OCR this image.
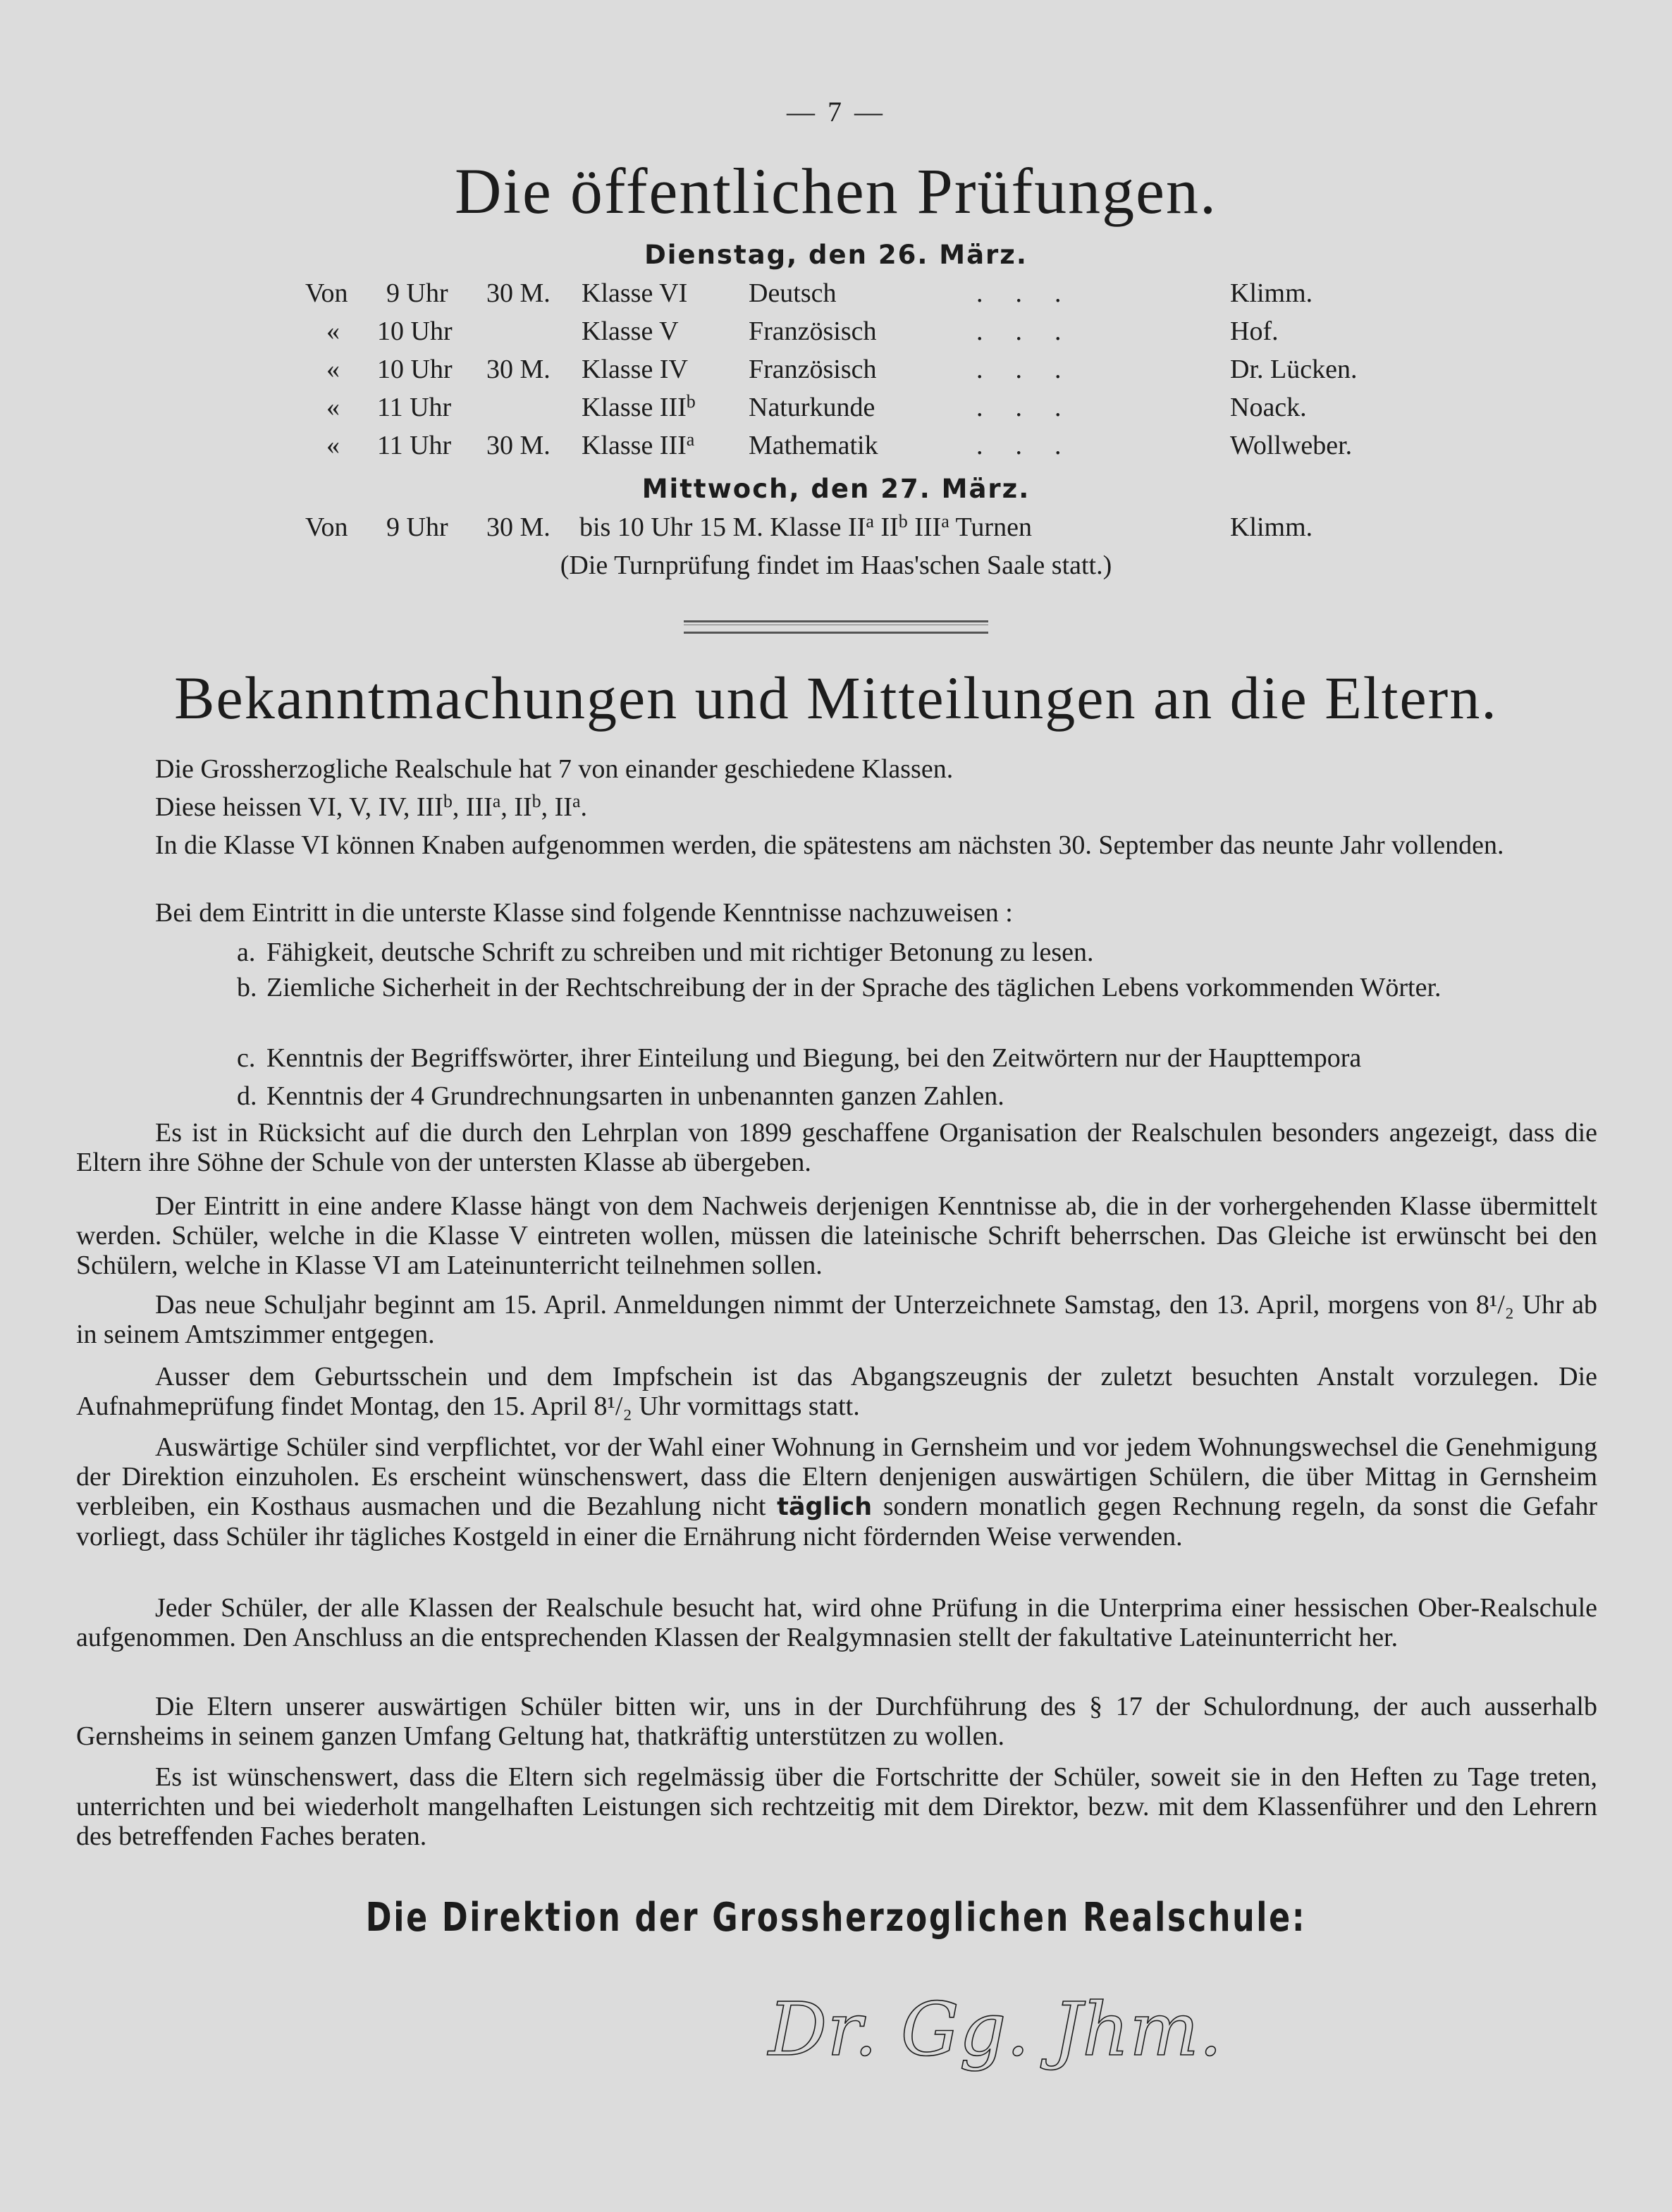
— 7 —
Die öffentlichen Prüfungen.
Dienstag, den 26. März.
Von 9 Uhr 30 M. Klasse VI Deutsch	...	Klimm.
« 10 Uhr	Klasse V	Französisch	...	Hof.
« 10 Uhr 30 M. Klasse IV Französisch	...	Dr. Lücken.
« 11 Uhr	Klasse III$^b$ Naturkunde	...	Noack.
« 11 Uhr 30 M. Klasse III$^a$ Mathematik	...	Wollweber.
Mittwoch, den 27. März.
Von 9 Uhr 30 M. bis 10 Uhr 15 M. Klasse $II^a$ $II^b$ III$^a$ Turnen	Klimm.
(Die Turnprüfung findet im Haas'schen Saale statt.)
Bekanntmachungen und Mitteilungen an die Eltern.
Die Grossherzogliche Realschule hat 7 von einander geschiedene Klassen.
Diese heissen VI, V, IV, III$^b$, III$^a$, $II^b$, $II^a$.
In die Klasse VI können Knaben aufgenommen werden, die spätestens am nächsten 30. September das neunte Jahr vollenden.
Bei dem Eintritt in die unterste Klasse sind folgende Kenntnisse nachzuweisen :
a. Fähigkeit, deutsche Schrift zu schreiben und mit richtiger Betonung zu lesen.
b. Ziemliche Sicherheit in der Rechtschreibung der in der Sprache des täglichen Lebens vorkommenden Wörter.
c. Kenntnis der Begriffswörter, ihrer Einteilung und Biegung, bei den Zeitwörtern nur der Haupttempora
d. Kenntnis der 4 Grundrechnungsarten in unbenannten ganzen Zahlen.
Es ist in Rücksicht auf die durch den Lehrplan von 1899 geschaffene Organisation der Realschulen besonders angezeigt, dass die Eltern ihre Söhne der Schule von der untersten Klasse ab übergeben.
Der Eintritt in eine andere Klasse hängt von dem Nachweis derjenigen Kenntnisse ab, die in der vorhergehenden Klasse übermittelt werden. Schüler, welche in die Klasse V eintreten wollen, müssen die lateinische Schrift beherrschen. Das Gleiche ist erwünscht bei den Schülern, welche in Klasse VI am Lateinunterricht teilnehmen sollen.
Das neue Schuljahr beginnt am 15. April. Anmeldungen nimmt der Unterzeichnete Samstag, den 13. April, morgens von 8¹/₂ Uhr ab in seinem Amtszimmer entgegen.
Ausser dem Geburtsschein und dem Impfschein ist das Abgangszeugnis der zuletzt besuchten Anstalt vorzulegen. Die Aufnahmeprüfung findet Montag, den 15. April 8¹/₂ Uhr vormittags statt.
Auswärtige Schüler sind verpflichtet, vor der Wahl einer Wohnung in Gernsheim und vor jedem Wohnungswechsel die Genehmigung der Direktion einzuholen. Es erscheint wünschenswert, dass die Eltern denjenigen auswärtigen Schülern, die über Mittag in Gernsheim verbleiben, ein Kosthaus ausmachen und die Bezahlung nicht täglich sondern monatlich gegen Rechnung regeln, da sonst die Gefahr vorliegt, dass Schüler ihr tägliches Kostgeld in einer die Ernährung nicht fördernden Weise verwenden.
Jeder Schüler, der alle Klassen der Realschule besucht hat, wird ohne Prüfung in die Unterprima einer hessischen Ober-Realschule aufgenommen. Den Anschluss an die entsprechenden Klassen der Realgymnasien stellt der fakultative Lateinunterricht her.
Die Eltern unserer auswärtigen Schüler bitten wir, uns in der Durchführung des § 17 der Schulordnung, der auch ausserhalb Gernsheims in seinem ganzen Umfang Geltung hat, thatkräftig unterstützen zu wollen.
Es ist wünschenswert, dass die Eltern sich regelmässig über die Fortschritte der Schüler, soweit sie in den Heften zu Tage treten, unterrichten und bei wiederholt mangelhaften Leistungen sich rechtzeitig mit dem Direktor, bezw. mit dem Klassenführer und den Lehrern des betreffenden Faches beraten.
Die Direktion der Grossherzoglichen Realschule:
Dr. Gg. Jhm.
